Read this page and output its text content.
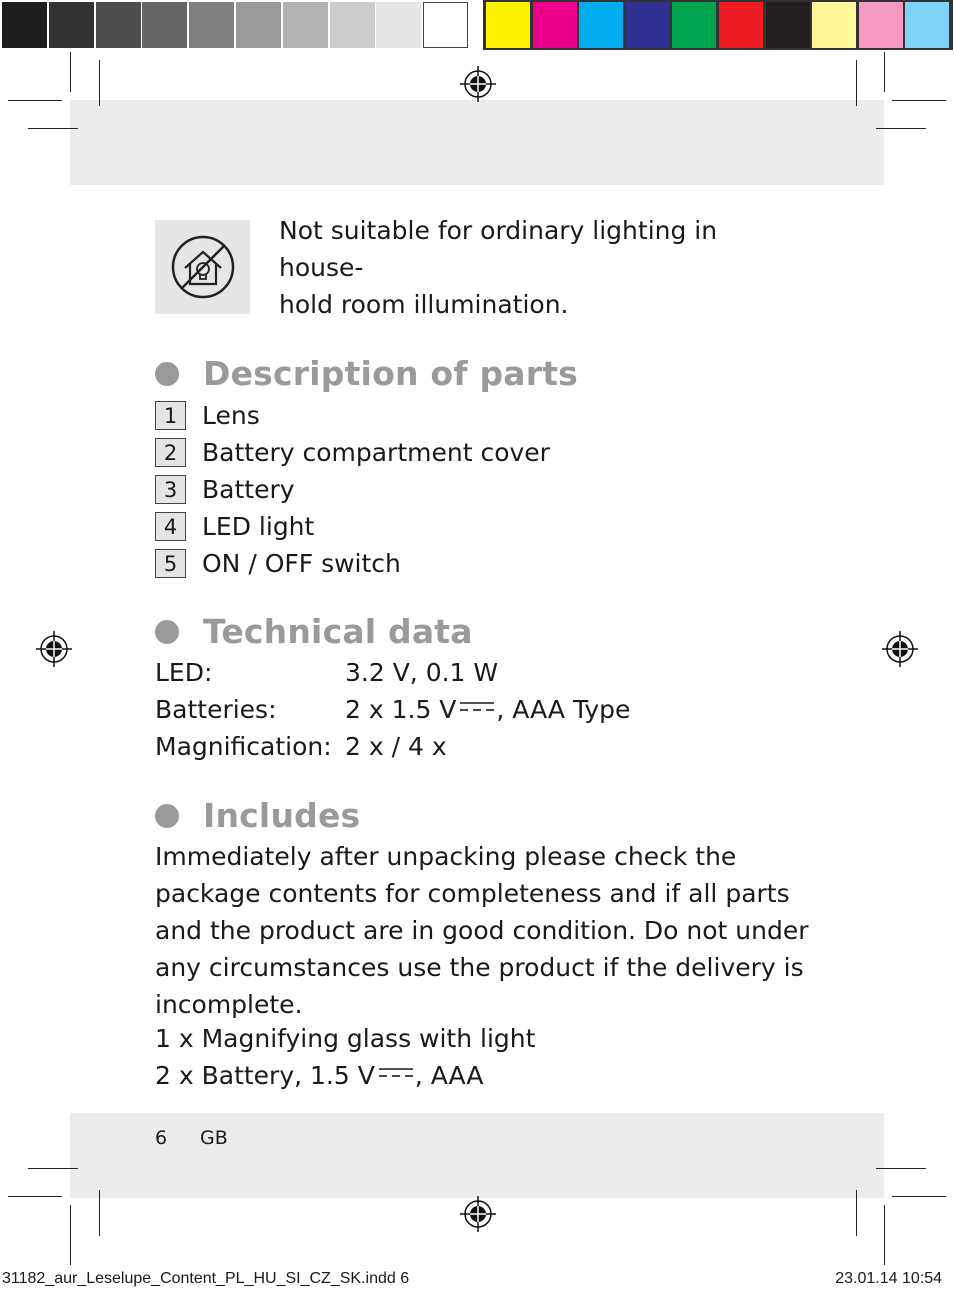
Not suitable for ordinary lighting in house-
hold room illumination.
Description of parts
1 Lens
2 Battery compartment cover
3 Battery
4 LED light
5 ON / OFF switch
Technical data
LED:	3.2 V, 0.1 W
Batteries:	2 x 1.5 V , AAA Type
Magnification: 2 x / 4 x
Includes
Immediately after unpacking please check the package contents for completeness and if all parts and the product are in good condition. Do not under any circumstances use the product if the delivery is incomplete.
1 x Magnifying glass with light
2 x Battery, 1.5 V , AAA
6 GB
31182_aur_Leselupe_Content_PL_HU_SI_CZ_SK.indd 6	23.01.14 10:54
